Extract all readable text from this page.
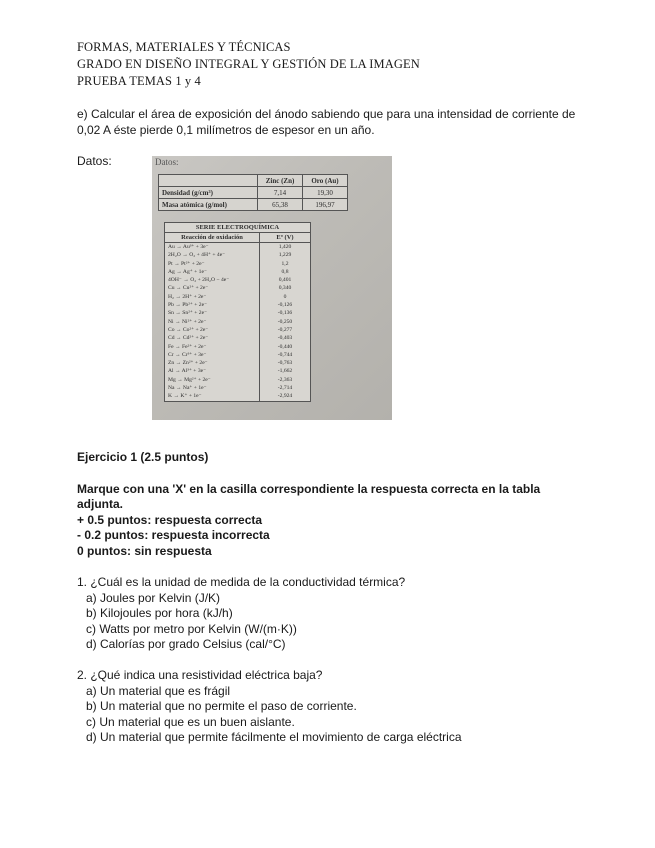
FORMAS, MATERIALES Y TÉCNICAS
GRADO EN DISEÑO INTEGRAL Y GESTIÓN DE LA IMAGEN
PRUEBA TEMAS 1 y 4
e) Calcular el área de exposición del ánodo sabiendo que para una intensidad de corriente de
0,02 A éste pierde 0,1 milímetros de espesor en un año.
Datos:	Datos:
	Zinc (Zn)	Oro (Au)
Densidad (g/cm³)	7,14	19,30
Masa atómica (g/mol)	65,38	196,97
SERIE ELECTROQUÍMICA	
Reacción de oxidación	Eº (V)
Au → Au³⁺ + 3e⁻	1,420
2H₂O → O₂ + 4H⁺ + 4e⁻	1,229
Pt → Pt²⁺ + 2e⁻	1,2
Ag → Ag⁺ + 1e⁻	0,8
4OH⁻ → O₂ + 2H₂O − 4e⁻	0,401
Cu → Cu²⁺ + 2e⁻	0,340
H₂ → 2H⁺ + 2e⁻	0
Pb → Pb²⁺ + 2e⁻	-0,126
Sn → Sn²⁺ + 2e⁻	-0,136
Ni → Ni²⁺ + 2e⁻	-0,250
Co → Co²⁺ + 2e⁻	-0,277
Cd → Cd²⁺ + 2e⁻	-0,403
Fe → Fe²⁺ + 2e⁻	-0,440
Cr → Cr³⁺ + 3e⁻	-0,744
Zn → Zn²⁺ + 2e⁻	-0,763
Al → Al³⁺ + 3e⁻	-1,662
Mg → Mg²⁺ + 2e⁻	-2,363
Na → Na⁺ + 1e⁻	-2,714
K → K⁺ + 1e⁻	-2,924
Ejercicio 1 (2.5 puntos)
Marque con una 'X' en la casilla correspondiente la respuesta correcta en la tabla
adjunta.
+ 0.5 puntos: respuesta correcta
- 0.2 puntos: respuesta incorrecta
0 puntos: sin respuesta
1. ¿Cuál es la unidad de medida de la conductividad térmica?
a) Joules por Kelvin (J/K)
b) Kilojoules por hora (kJ/h)
c) Watts por metro por Kelvin (W/(m·K))
d) Calorías por grado Celsius (cal/°C)
2. ¿Qué indica una resistividad eléctrica baja?
a) Un material que es frágil
b) Un material que no permite el paso de corriente.
c) Un material que es un buen aislante.
d) Un material que permite fácilmente el movimiento de carga eléctrica
